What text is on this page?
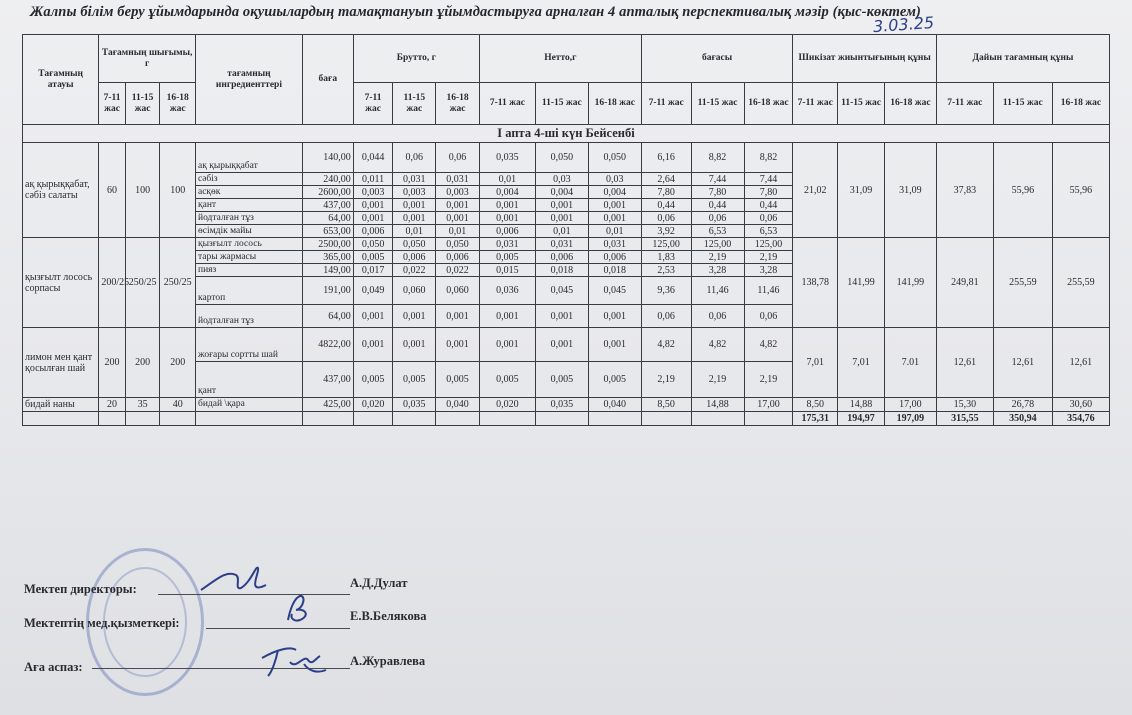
Жалпы білім беру ұйымдарында оқушылардың тамақтануып ұйымдастыруға арналған 4 апталық перспективалық мәзір (қыс-көктем)
3.03.25
Тағамның атауы	Тағамның шығымы, г			тағамның ингредиенттері	баға	Брутто, г			Нетто,г			бағасы			Шикізат жиынтығының құны			Дайын тағамның құны		
	7-11 жас	11-15 жас	16-18 жас			7-11 жас	11-15 жас	16-18 жас	7-11 жас	11-15 жас	16-18 жас	7-11 жас	11-15 жас	16-18 жас	7-11 жас	11-15 жас	16-18 жас	7-11 жас	11-15 жас	16-18 жас
I апта 4-ші күн Бейсенбі																				
ақ қырыққабат, сәбіз салаты	60	100	100	ақ қырыққабат	140,00	0,044	0,06	0,06	0,035	0,050	0,050	6,16	8,82	8,82	21,02	31,09	31,09	37,83	55,96	55,96
				сәбіз	240,00	0,011	0,031	0,031	0,01	0,03	0,03	2,64	7,44	7,44						
				асқөк	2600,00	0,003	0,003	0,003	0,004	0,004	0,004	7,80	7,80	7,80						
				қант	437,00	0,001	0,001	0,001	0,001	0,001	0,001	0,44	0,44	0,44						
				йодталған тұз	64,00	0,001	0,001	0,001	0,001	0,001	0,001	0,06	0,06	0,06						
				өсімдік майы	653,00	0,006	0,01	0,01	0,006	0,01	0,01	3,92	6,53	6,53						
қызғылт лосось сорпасы	200/25	250/25	250/25	қызғылт лосось	2500,00	0,050	0,050	0,050	0,031	0,031	0,031	125,00	125,00	125,00	138,78	141,99	141,99	249,81	255,59	255,59
				тары жармасы	365,00	0,005	0,006	0,006	0,005	0,006	0,006	1,83	2,19	2,19						
				пияз	149,00	0,017	0,022	0,022	0,015	0,018	0,018	2,53	3,28	3,28						
				картоп	191,00	0,049	0,060	0,060	0,036	0,045	0,045	9,36	11,46	11,46						
				йодталған тұз	64,00	0,001	0,001	0,001	0,001	0,001	0,001	0,06	0,06	0,06						
лимон мен қант қосылған шай	200	200	200	жоғары сортты шай	4822,00	0,001	0,001	0,001	0,001	0,001	0,001	4,82	4,82	4,82	7,01	7,01	7.01	12,61	12,61	12,61
				қант	437,00	0,005	0,005	0,005	0,005	0,005	0,005	2,19	2,19	2,19						
бидай наны	20	35	40	бидай \қара	425,00	0,020	0,035	0,040	0,020	0,035	0,040	8,50	14,88	17,00	8,50	14,88	17,00	15,30	26,78	30,60
															175,31	194,97	197,09	315,55	350,94	354,76
Мектеп директоры:	А.Д.Дулат
Мектептің мед.қызметкері:	Е.В.Белякова
Аға аспаз:	А.Журавлева
